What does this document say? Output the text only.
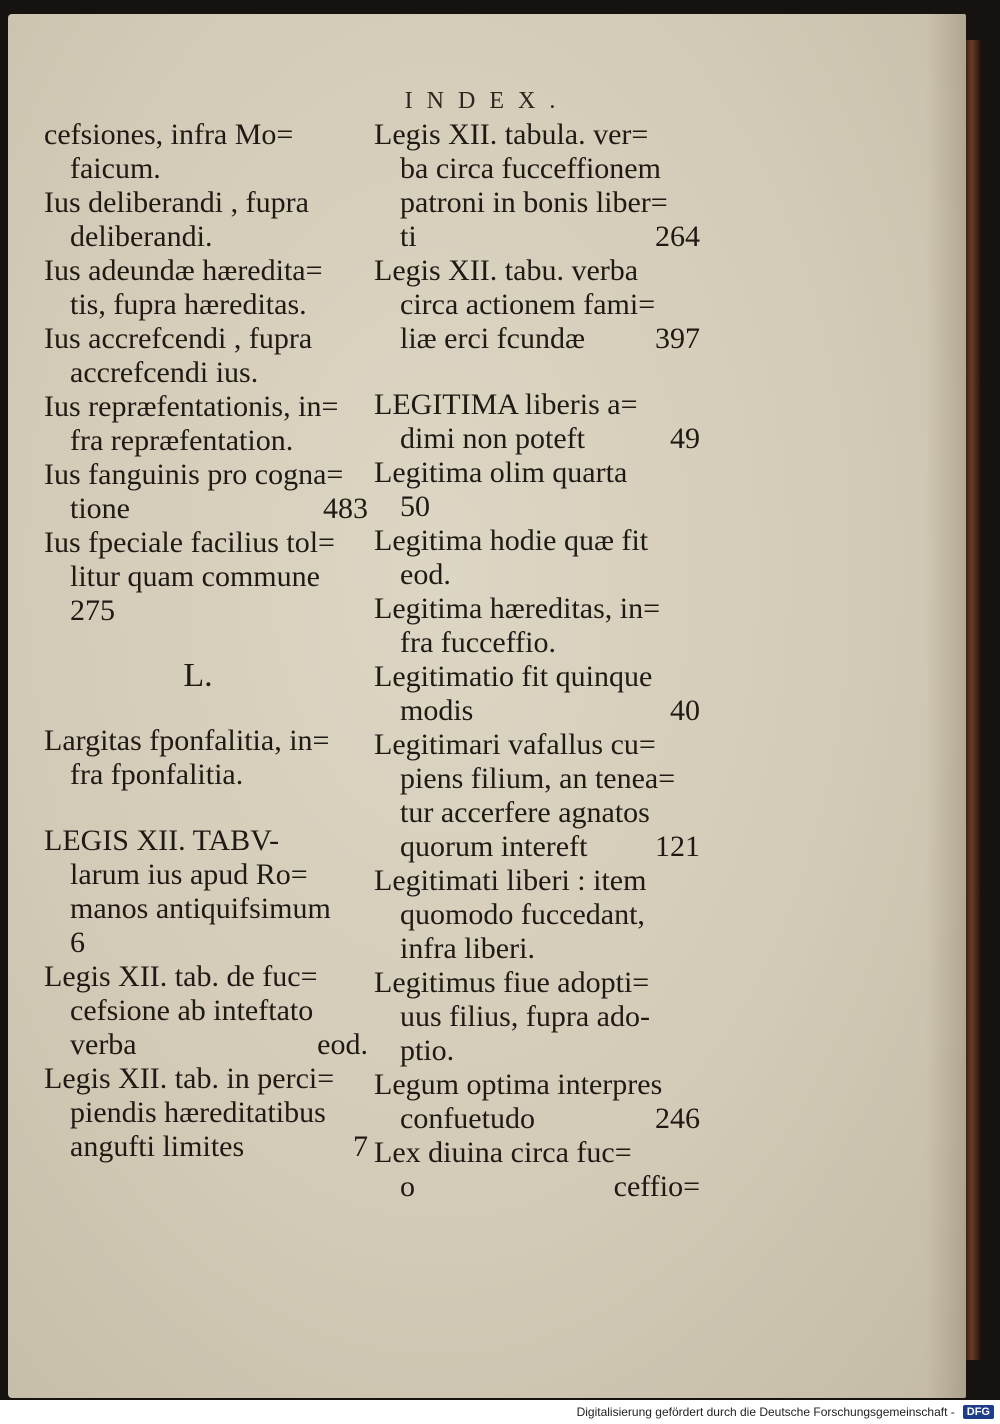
INDEX.
cefsiones, infra Mo=
faicum.
Ius deliberandi , fupra
deliberandi.
Ius adeundæ hæredita=
tis, fupra hæreditas.
Ius accrefcendi , fupra
accrefcendi ius.
Ius repræfentationis, in=
fra repræfentation.
Ius fanguinis pro cogna=
tione	483
Ius fpeciale facilius tol=
litur quam commune
275
L.
Largitas fponfalitia, in=
fra fponfalitia.
LEGIS XII. TABV-
larum ius apud Ro=
manos antiquifsimum
6
Legis XII. tab. de fuc=
cefsione ab inteftato
verba	eod.
Legis XII. tab. in perci=
piendis hæreditatibus
angufti limites	7
Legis XII. tabula. ver=
ba circa fucceffionem
patroni in bonis liber=
ti	264
Legis XII. tabu. verba
circa actionem fami=
liæ erci fcundæ 397
LEGITIMA liberis a=
dimi non poteft	49
Legitima olim quarta
50
Legitima hodie quæ fit
eod.
Legitima hæreditas, in=
fra fucceffio.
Legitimatio fit quinque
modis	40
Legitimari vafallus cu=
piens filium, an tenea=
tur accerfere agnatos
quorum intereft 121
Legitimati liberi : item
quomodo fuccedant,
infra liberi.
Legitimus fiue adopti=
uus filius, fupra ado-
ptio.
Legum optima interpres
confuetudo	246
Lex diuina circa fuc=
o	ceffio=
Digitalisierung gefördert durch die Deutsche Forschungsgemeinschaft -	DFG
